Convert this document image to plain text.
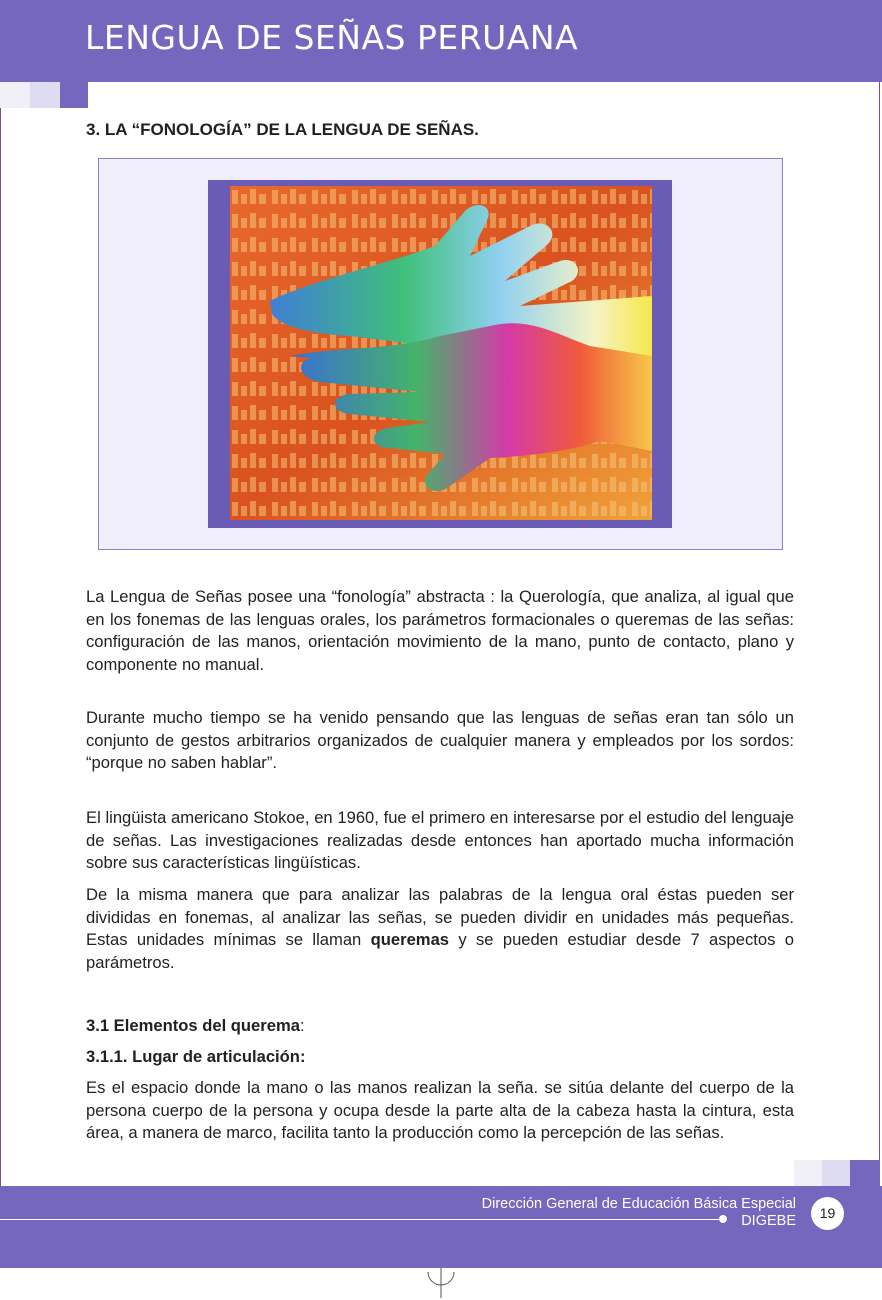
LENGUA DE SEÑAS PERUANA
3. LA “FONOLOGÍA” DE LA LENGUA DE SEÑAS.
La Lengua de Señas posee una “fonología” abstracta : la Querología, que analiza, al igual que en los fonemas de las lenguas orales, los parámetros formacionales o queremas de las señas: configuración de las manos, orientación movimiento de la mano, punto de contacto, plano y componente no manual.
Durante mucho tiempo se ha venido pensando que las lenguas de señas eran tan sólo un conjunto de gestos arbitrarios organizados de cualquier manera y empleados por los sordos: “porque no saben hablar”.
El lingüista americano Stokoe, en 1960, fue el primero en interesarse por el estudio del lenguaje de señas. Las investigaciones realizadas desde entonces han aportado mucha información sobre sus características lingüísticas.
De la misma manera que para analizar las palabras de la lengua oral éstas pueden ser divididas en fonemas, al analizar las señas, se pueden dividir en unidades más pequeñas. Estas unidades mínimas se llaman queremas y se pueden estudiar desde 7 aspectos o parámetros.
3.1 Elementos del querema:
3.1.1. Lugar de articulación:
Es el espacio donde la mano o las manos realizan la seña. se sitúa delante del cuerpo de la persona cuerpo de la persona y ocupa desde la parte alta de la cabeza hasta la cintura, esta área, a manera de marco, facilita tanto la producción como la percepción de las señas.
Dirección General de Educación Básica Especial
DIGEBE	19
